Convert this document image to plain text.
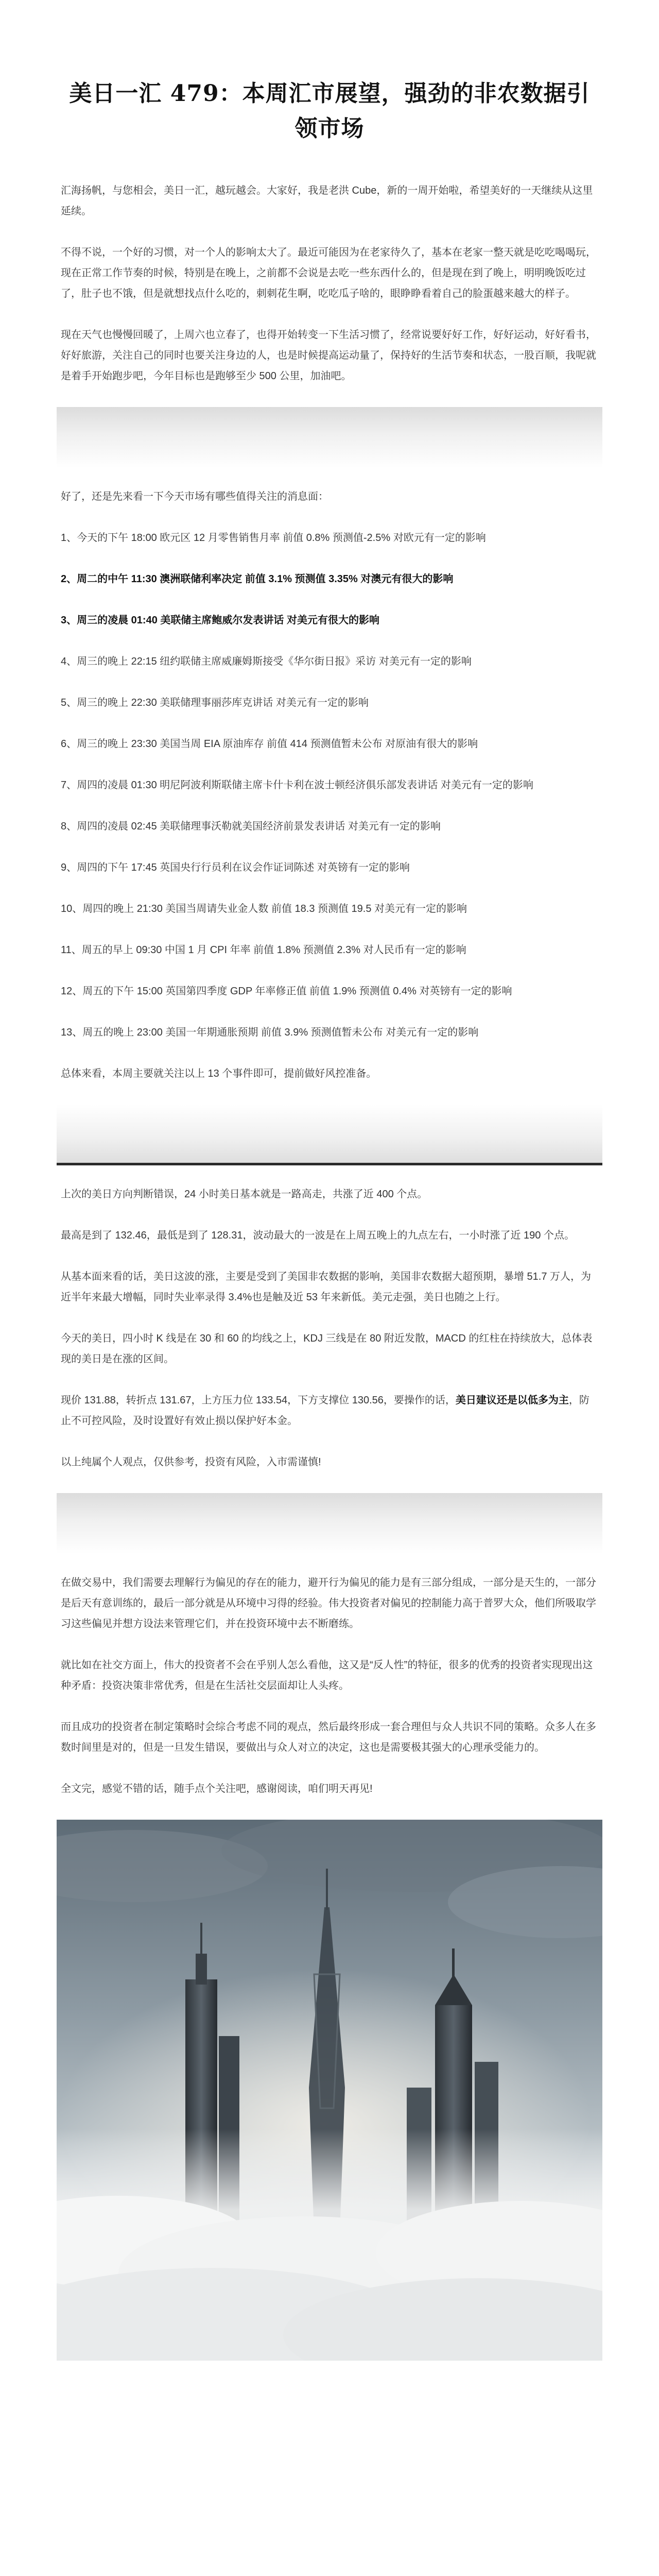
美日一汇 479：本周汇市展望，强劲的非农数据引领市场

汇海扬帆，与您相会，美日一汇，越玩越会。大家好，我是老洪 Cube，新的一周开始啦，希望美好的一天继续从这里延续。

不得不说，一个好的习惯，对一个人的影响太大了。最近可能因为在老家待久了，基本在老家一整天就是吃吃喝喝玩，现在正常工作节奏的时候，特别是在晚上，之前都不会说是去吃一些东西什么的，但是现在到了晚上，明明晚饭吃过了，肚子也不饿，但是就想找点什么吃的，刺刺花生啊，吃吃瓜子啥的，眼睁睁看着自己的脸蛋越来越大的样子。

现在天气也慢慢回暖了，上周六也立春了，也得开始转变一下生活习惯了，经常说要好好工作，好好运动，好好看书，好好旅游，关注自己的同时也要关注身边的人，也是时候提高运动量了，保持好的生活节奏和状态，一股百顺，我呢就是着手开始跑步吧，今年目标也是跑够至少 500 公里，加油吧。

好了，还是先来看一下今天市场有哪些值得关注的消息面：

1、今天的下午 18:00 欧元区 12 月零售销售月率 前值 0.8% 预测值-2.5% 对欧元有一定的影响

2、周二的中午 11:30 澳洲联储利率决定 前值 3.1% 预测值 3.35% 对澳元有很大的影响

3、周三的凌晨 01:40 美联储主席鲍威尔发表讲话 对美元有很大的影响

4、周三的晚上 22:15 纽约联储主席威廉姆斯接受《华尔街日报》采访 对美元有一定的影响

5、周三的晚上 22:30 美联储理事丽莎库克讲话 对美元有一定的影响

6、周三的晚上 23:30 美国当周 EIA 原油库存 前值 414 预测值暂未公布 对原油有很大的影响

7、周四的凌晨 01:30 明尼阿波利斯联储主席卡什卡利在波士顿经济俱乐部发表讲话 对美元有一定的影响

8、周四的凌晨 02:45 美联储理事沃勒就美国经济前景发表讲话 对美元有一定的影响

9、周四的下午 17:45 英国央行行员利在议会作证词陈述 对英镑有一定的影响

10、周四的晚上 21:30 美国当周请失业金人数 前值 18.3 预测值 19.5 对美元有一定的影响

11、周五的早上 09:30 中国 1 月 CPI 年率 前值 1.8% 预测值 2.3% 对人民币有一定的影响

12、周五的下午 15:00 英国第四季度 GDP 年率修正值 前值 1.9% 预测值 0.4% 对英镑有一定的影响

13、周五的晚上 23:00 美国一年期通胀预期 前值 3.9% 预测值暂未公布 对美元有一定的影响

总体来看，本周主要就关注以上 13 个事件即可，提前做好风控准备。

上次的美日方向判断错误，24 小时美日基本就是一路高走，共涨了近 400 个点。

最高是到了 132.46，最低是到了 128.31，波动最大的一波是在上周五晚上的九点左右，一小时涨了近 190 个点。

从基本面来看的话，美日这波的涨，主要是受到了美国非农数据的影响，美国非农数据大超预期，暴增 51.7 万人，为近半年来最大增幅，同时失业率录得 3.4%也是触及近 53 年来新低。美元走强，美日也随之上行。

今天的美日，四小时 K 线是在 30 和 60 的均线之上，KDJ 三线是在 80 附近发散，MACD 的红柱在持续放大，总体表现的美日是在涨的区间。

现价 131.88，转折点 131.67，上方压力位 133.54，下方支撑位 130.56，要操作的话，美日建议还是以低多为主，防止不可控风险，及时设置好有效止损以保护好本金。

以上纯属个人观点，仅供参考，投资有风险，入市需谨慎!

在做交易中，我们需要去理解行为偏见的存在的能力，避开行为偏见的能力是有三部分组成，一部分是天生的，一部分是后天有意训练的，最后一部分就是从环境中习得的经验。伟大投资者对偏见的控制能力高于普罗大众，他们所吸取学习这些偏见并想方设法来管理它们，并在投资环境中去不断磨练。

就比如在社交方面上，伟大的投资者不会在乎别人怎么看他，这又是“反人性”的特征，很多的优秀的投资者实现现出这种矛盾：投资决策非常优秀，但是在生活社交层面却让人头疼。

而且成功的投资者在制定策略时会综合考虑不同的观点，然后最终形成一套合理但与众人共识不同的策略。众多人在多数时间里是对的，但是一旦发生错误，要做出与众人对立的决定，这也是需要极其强大的心理承受能力的。

全文完，感觉不错的话，随手点个关注吧，感谢阅读，咱们明天再见!
